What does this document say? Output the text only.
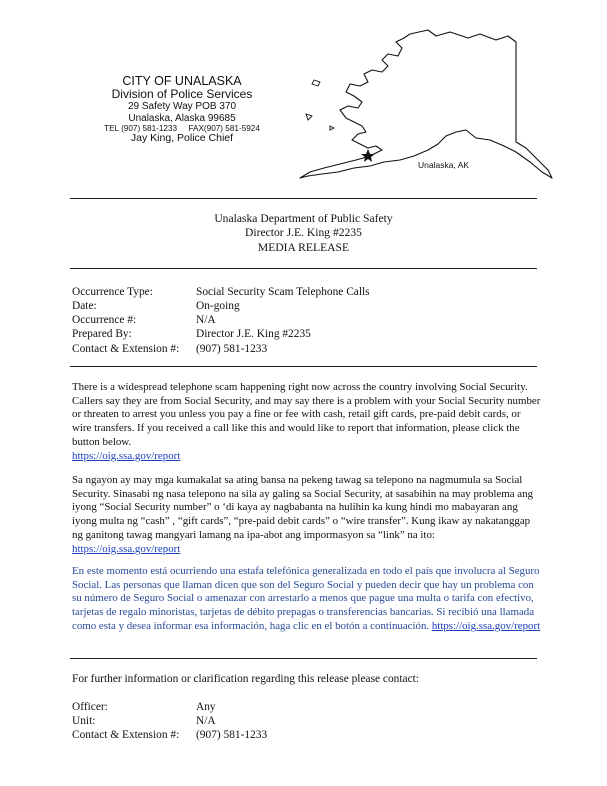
CITY OF UNALASKA
Division of Police Services
29 Safety Way POB 370
Unalaska, Alaska 99685
TEL (907) 581-1233     FAX(907) 581-5924
Jay King, Police Chief
Unalaska, AK
Unalaska Department of Public Safety
Director J.E. King #2235
MEDIA RELEASE
Occurrence Type:	Social Security Scam Telephone Calls
Date:	On-going
Occurrence #:	N/A
Prepared By:	Director J.E. King #2235
Contact & Extension #:	(907) 581-1233
There is a widespread telephone scam happening right now across the country involving Social Security. Callers say they are from Social Security, and may say there is a problem with your Social Security number or threaten to arrest you unless you pay a fine or fee with cash, retail gift cards, pre-paid debit cards, or wire transfers. If you received a call like this and would like to report that information, please click the button below.
https://oig.ssa.gov/report
Sa ngayon ay may mga kumakalat sa ating bansa na pekeng tawag sa telepono na nagmumula sa Social Security. Sinasabi ng nasa telepono na sila ay galing sa Social Security, at sasabihin na may problema ang  iyong “Social Security number” o ‘di kaya ay nagbabanta na hulihin ka kung hindi mo mabayaran ang iyong multa ng “cash” , “gift cards”, “pre-paid debit cards” o “wire transfer”. Kung ikaw ay nakatanggap ng ganitong tawag mangyari lamang na ipa-abot ang impormasyon sa “link” na ito:  https://oig.ssa.gov/report
En este momento está ocurriendo una estafa telefónica generalizada en todo el país que involucra al Seguro Social. Las personas que llaman dicen que son del Seguro Social y pueden decir que hay un problema con su número de Seguro Social o amenazar con arrestarlo a menos que pague una multa o tarifa con efectivo, tarjetas de regalo minoristas, tarjetas de débito prepagas o transferencias bancarias. Si recibió una llamada como esta y desea informar esa información, haga clic en el botón a continuación. https://oig.ssa.gov/report
For further information or clarification regarding this release please contact:
Officer:	Any
Unit:	N/A
Contact & Extension #:	(907) 581-1233
